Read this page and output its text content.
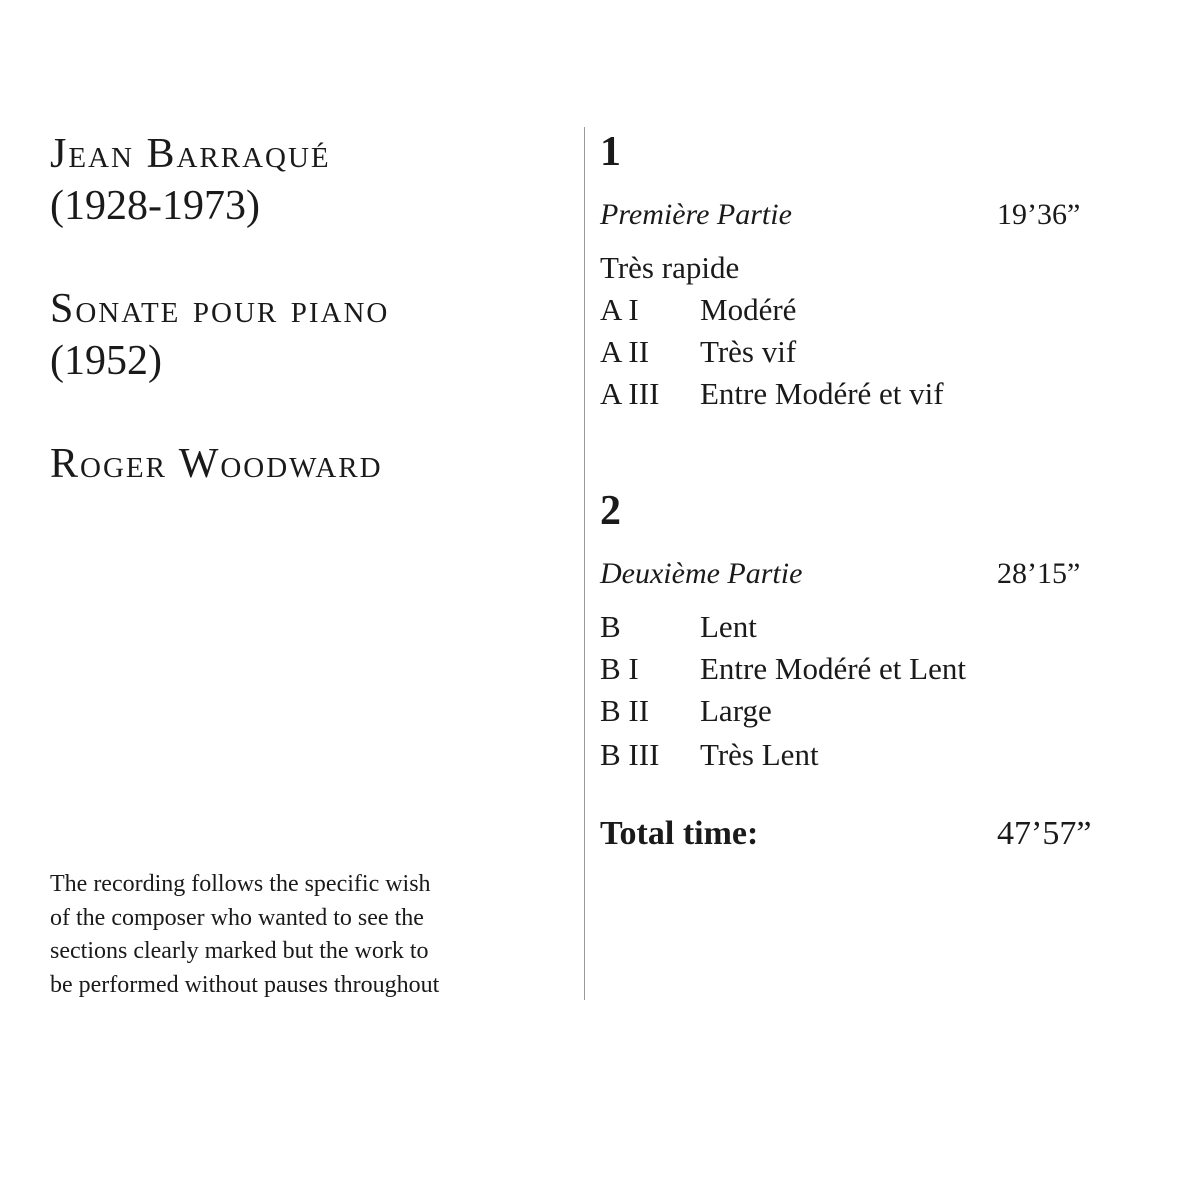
Jean Barraqué
(1928-1973)
Sonate pour piano
(1952)
Roger Woodward
The recording follows the specific wish
of the composer who wanted to see the
sections clearly marked but the work to
be performed without pauses throughout
1
Première Partie	19’36”
Très rapide
A I Modéré
A II Très vif
A III Entre Modéré et vif
2
Deuxième Partie	28’15”
B	Lent
B I Entre Modéré et Lent
B II Large
B III Très Lent
Total time:	47’57”
